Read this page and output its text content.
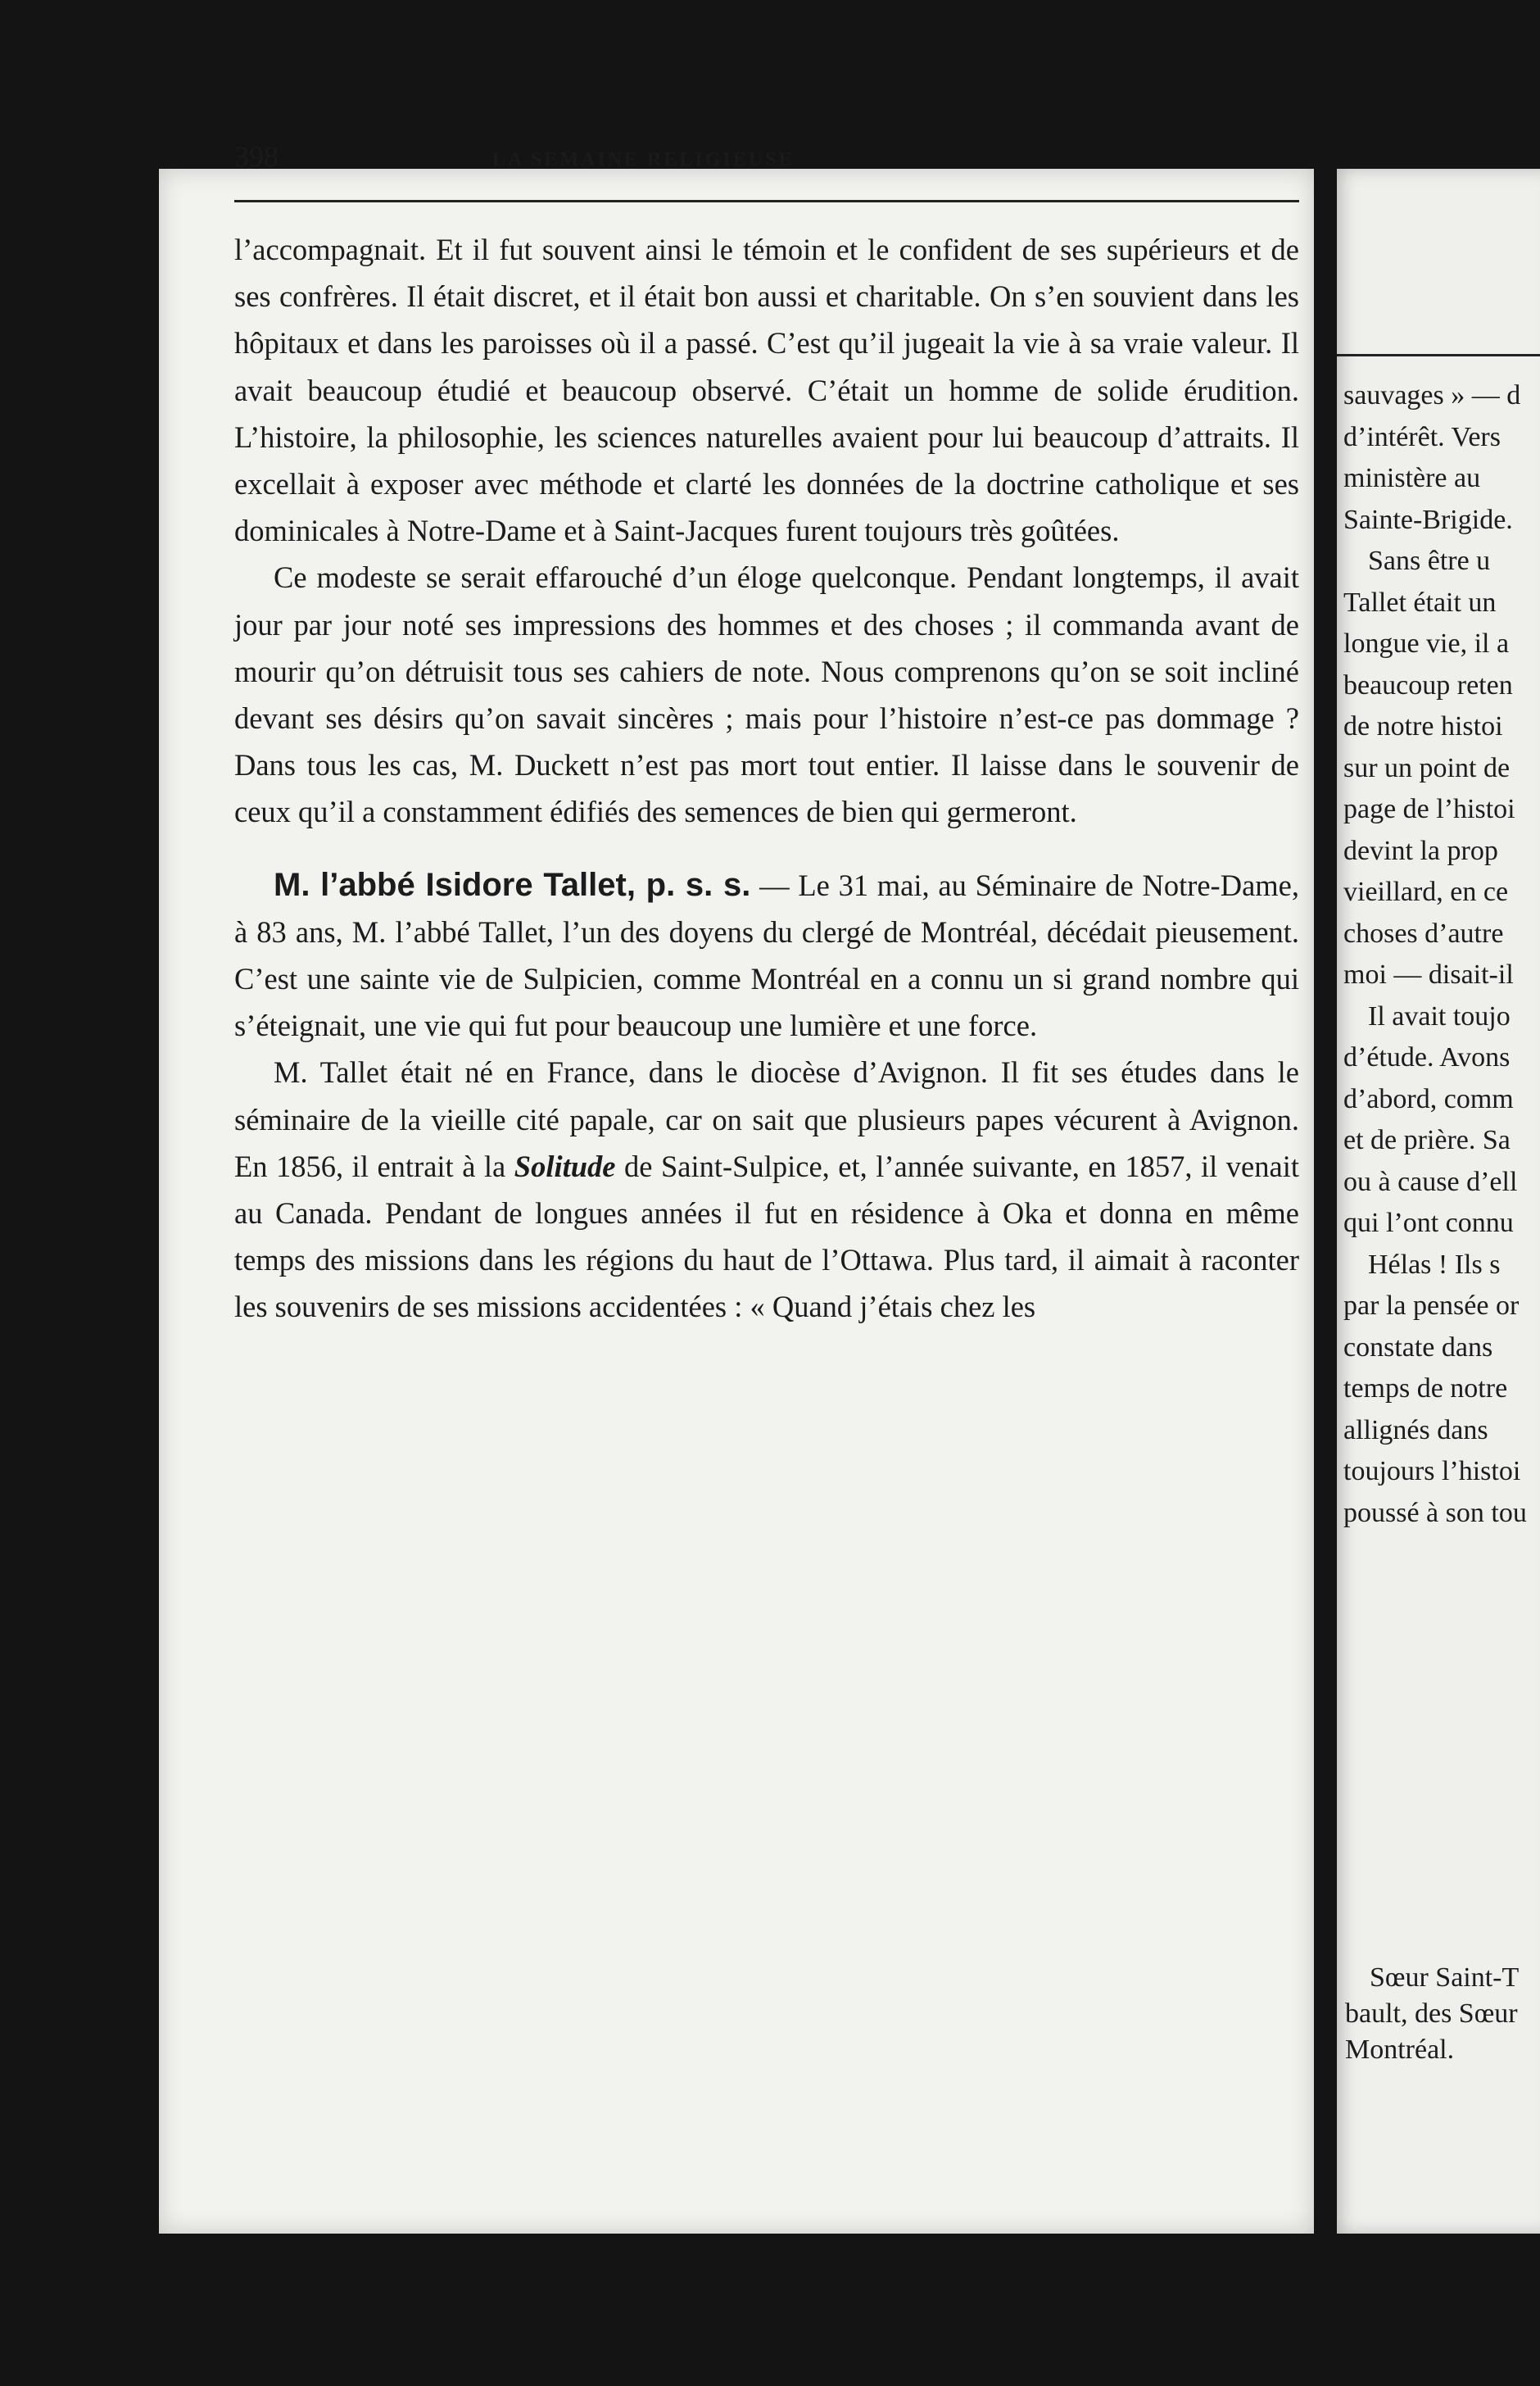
398	LA SEMAINE RELIGIEUSE

l’accompagnait. Et il fut souvent ainsi le témoin et le confident de ses supérieurs et de ses confrères. Il était discret, et il était bon aussi et charitable. On s’en souvient dans les hôpitaux et dans les paroisses où il a passé. C’est qu’il jugeait la vie à sa vraie valeur. Il avait beaucoup étudié et beaucoup observé. C’était un homme de solide érudition. L’histoire, la philosophie, les sciences naturelles avaient pour lui beaucoup d’attraits. Il excellait à exposer avec méthode et clarté les données de la doctrine catholique et ses dominicales à Notre-Dame et à Saint-Jacques furent toujours très goûtées.

Ce modeste se serait effarouché d’un éloge quelconque. Pendant longtemps, il avait jour par jour noté ses impressions des hommes et des choses ; il commanda avant de mourir qu’on détruisit tous ses cahiers de note. Nous comprenons qu’on se soit incliné devant ses désirs qu’on savait sincères ; mais pour l’histoire n’est-ce pas dommage ? Dans tous les cas, M. Duckett n’est pas mort tout entier. Il laisse dans le souvenir de ceux qu’il a constamment édifiés des semences de bien qui germeront.

M. l’abbé Isidore Tallet, p. s. s. — Le 31 mai, au Séminaire de Notre-Dame, à 83 ans, M. l’abbé Tallet, l’un des doyens du clergé de Montréal, décédait pieusement. C’est une sainte vie de Sulpicien, comme Montréal en a connu un si grand nombre qui s’éteignait, une vie qui fut pour beaucoup une lumière et une force.

M. Tallet était né en France, dans le diocèse d’Avignon. Il fit ses études dans le séminaire de la vieille cité papale, car on sait que plusieurs papes vécurent à Avignon. En 1856, il entrait à la Solitude de Saint-Sulpice, et, l’année suivante, en 1857, il venait au Canada. Pendant de longues années il fut en résidence à Oka et donna en même temps des missions dans les régions du haut de l’Ottawa. Plus tard, il aimait à raconter les souvenirs de ses missions accidentées : « Quand j’étais chez les

sauvages » — d
d’intérêt. Vers
ministère au
Sainte-Brigide.
Sans être u
Tallet était un
longue vie, il a
beaucoup reten
de notre histoi
sur un point de
page de l’histoi
devint la prop
vieillard, en ce
choses d’autre
moi — disait-il
Il avait toujo
d’étude. Avons
d’abord, comm
et de prière. Sa
ou à cause d’ell
qui l’ont connu
Hélas ! Ils s
par la pensée or
constate dans
temps de notre
allignés dans
toujours l’histoi
poussé à son tou
Sœur Saint-T
bault, des Sœur
Montréal.
